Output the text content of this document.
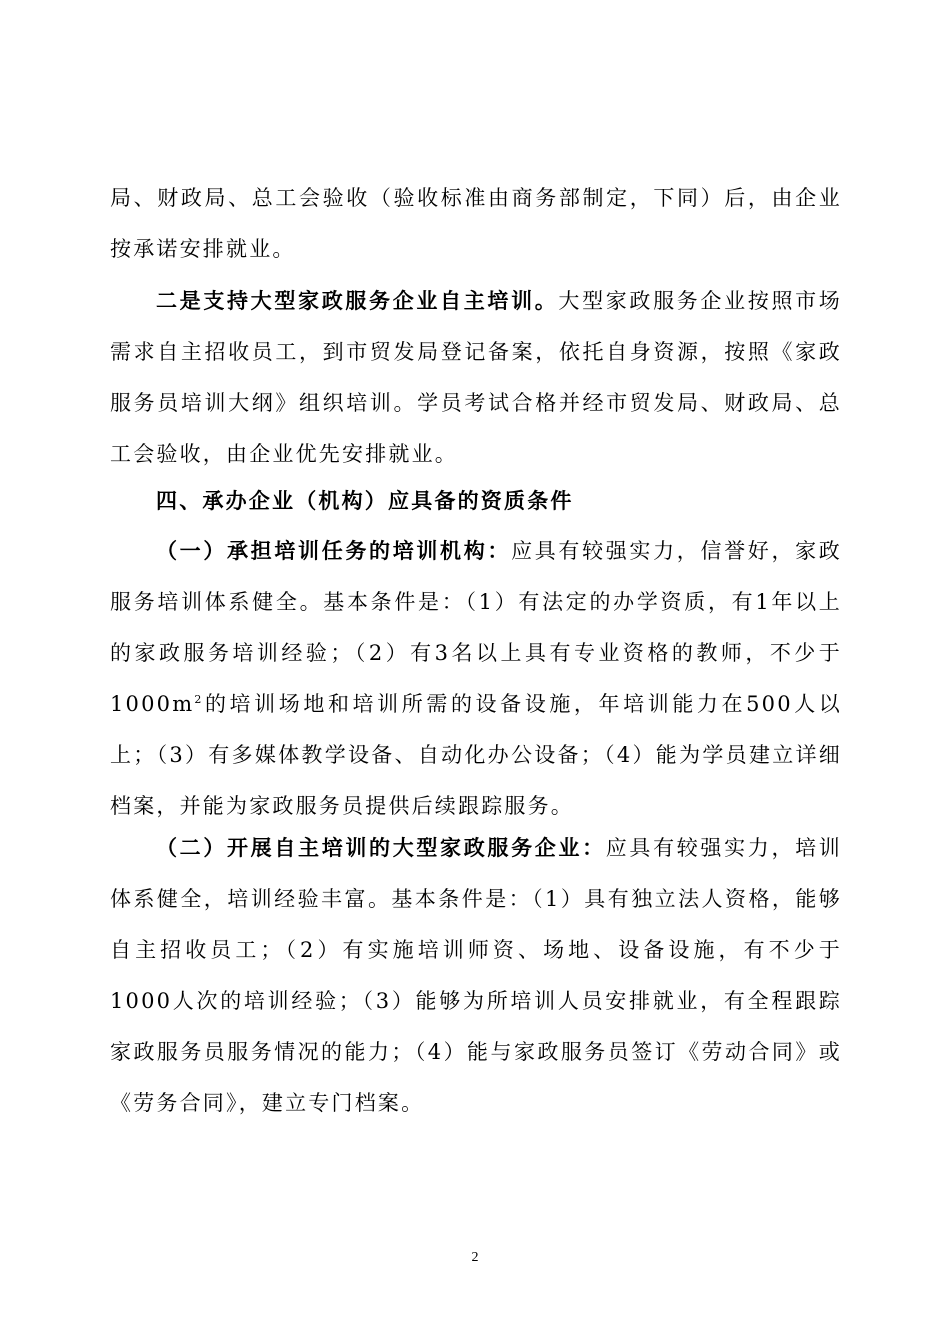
局、财政局、总工会验收（验收标准由商务部制定，下同）后，由企业按承诺安排就业。
二是支持大型家政服务企业自主培训。大型家政服务企业按照市场需求自主招收员工，到市贸发局登记备案，依托自身资源，按照《家政服务员培训大纲》组织培训。学员考试合格并经市贸发局、财政局、总工会验收，由企业优先安排就业。
四、承办企业（机构）应具备的资质条件
（一）承担培训任务的培训机构：应具有较强实力，信誉好，家政服务培训体系健全。基本条件是：（1）有法定的办学资质，有1年以上的家政服务培训经验；（2）有3名以上具有专业资格的教师，不少于$1000m^2$的培训场地和培训所需的设备设施，年培训能力在500人以上；（3）有多媒体教学设备、自动化办公设备；（4）能为学员建立详细档案，并能为家政服务员提供后续跟踪服务。
（二）开展自主培训的大型家政服务企业：应具有较强实力，培训体系健全，培训经验丰富。基本条件是：（1）具有独立法人资格，能够自主招收员工；（2）有实施培训师资、场地、设备设施，有不少于1000人次的培训经验；（3）能够为所培训人员安排就业，有全程跟踪家政服务员服务情况的能力；（4）能与家政服务员签订《劳动合同》或《劳务合同》，建立专门档案。
2
